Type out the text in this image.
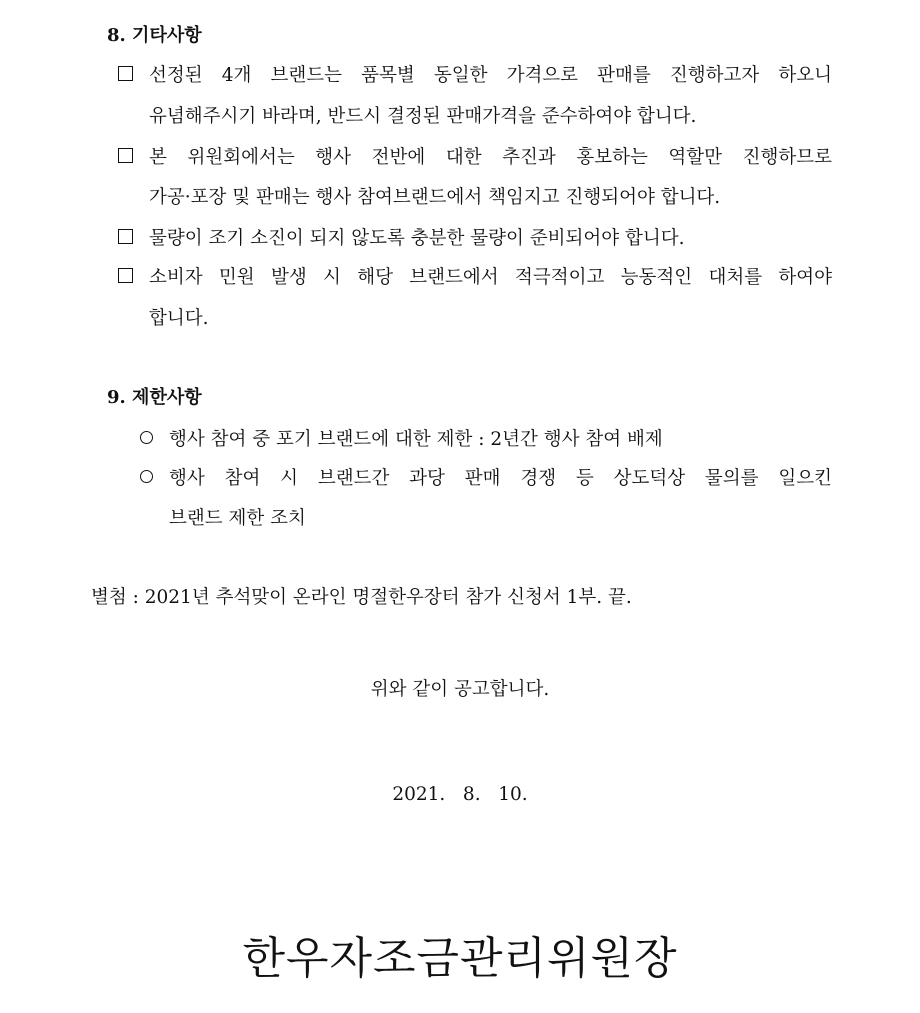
8. 기타사항
선정된 4개 브랜드는 품목별 동일한 가격으로 판매를 진행하고자 하오니
유념해주시기 바라며, 반드시 결정된 판매가격을 준수하여야 합니다.
본 위원회에서는 행사 전반에 대한 추진과 홍보하는 역할만 진행하므로
가공·포장 및 판매는 행사 참여브랜드에서 책임지고 진행되어야 합니다.
물량이 조기 소진이 되지 않도록 충분한 물량이 준비되어야 합니다.
소비자 민원 발생 시 해당 브랜드에서 적극적이고 능동적인 대처를 하여야
합니다.
9. 제한사항
행사 참여 중 포기 브랜드에 대한 제한 : 2년간 행사 참여 배제
행사 참여 시 브랜드간 과당 판매 경쟁 등 상도덕상 물의를 일으킨
브랜드 제한 조치
별첨 : 2021년 추석맞이 온라인 명절한우장터 참가 신청서 1부. 끝.
위와 같이 공고합니다.
2021.   8.   10.
한우자조금관리위원장
